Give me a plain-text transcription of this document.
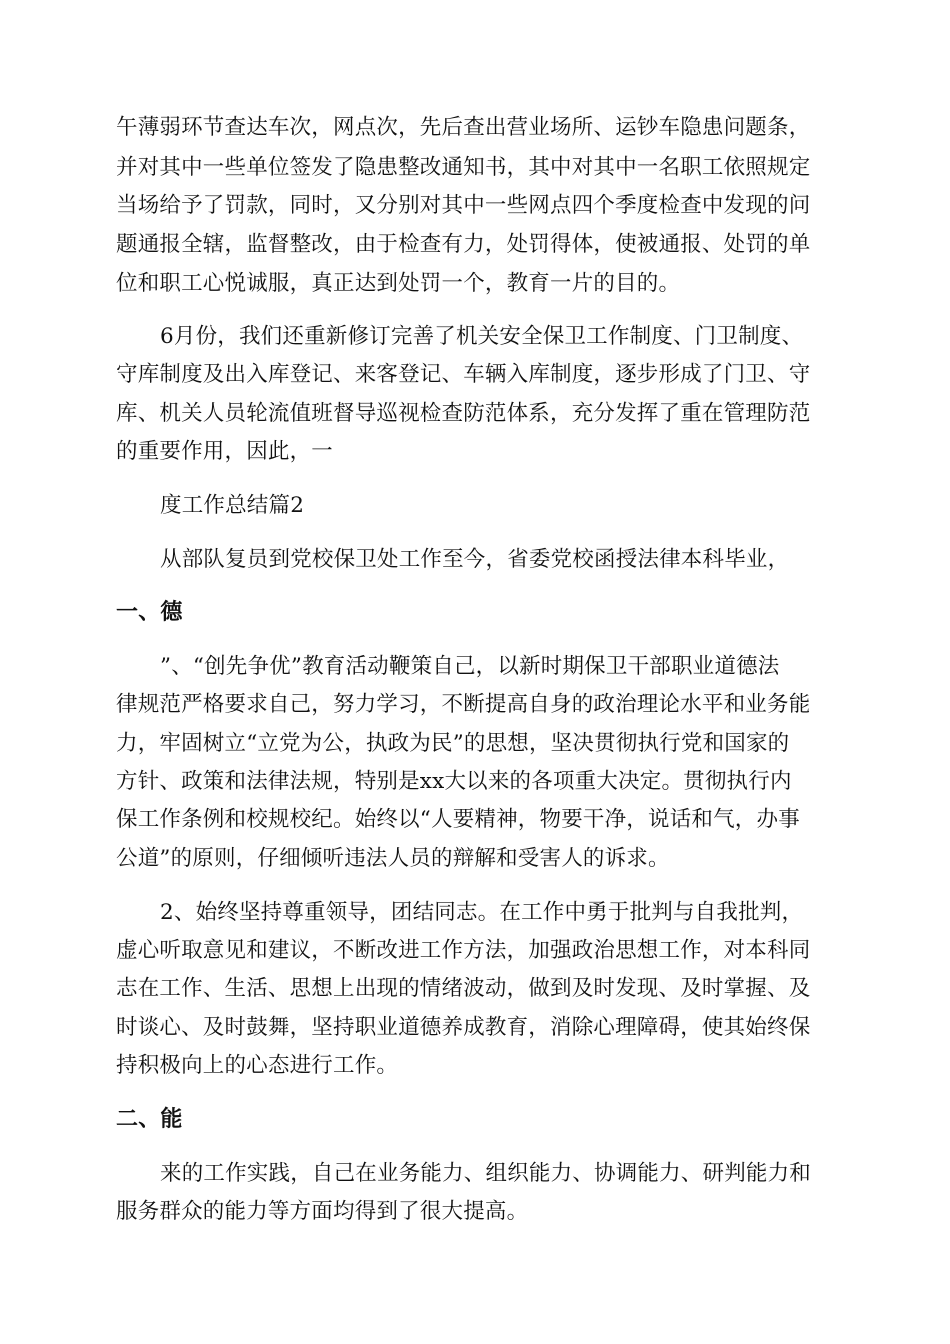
午薄弱环节查达车次，网点次，先后查出营业场所、运钞车隐患问题条，
并对其中一些单位签发了隐患整改通知书，其中对其中一名职工依照规定
当场给予了罚款，同时，又分别对其中一些网点四个季度检查中发现的问
题通报全辖，监督整改，由于检查有力，处罚得体，使被通报、处罚的单
位和职工心悦诚服，真正达到处罚一个，教育一片的目的。
6月份，我们还重新修订完善了机关安全保卫工作制度、门卫制度、
守库制度及出入库登记、来客登记、车辆入库制度，逐步形成了门卫、守
库、机关人员轮流值班督导巡视检查防范体系，充分发挥了重在管理防范
的重要作用，因此，一
度工作总结篇2
从部队复员到党校保卫处工作至今，省委党校函授法律本科毕业，
一、德
”、“创先争优”教育活动鞭策自己，以新时期保卫干部职业道德法
律规范严格要求自己，努力学习，不断提高自身的政治理论水平和业务能
力，牢固树立“立党为公，执政为民”的思想，坚决贯彻执行党和国家的
方针、政策和法律法规，特别是xx大以来的各项重大决定。贯彻执行内
保工作条例和校规校纪。始终以“人要精神，物要干净，说话和气，办事
公道”的原则，仔细倾听违法人员的辩解和受害人的诉求。
2、始终坚持尊重领导，团结同志。在工作中勇于批判与自我批判，
虚心听取意见和建议，不断改进工作方法，加强政治思想工作，对本科同
志在工作、生活、思想上出现的情绪波动，做到及时发现、及时掌握、及
时谈心、及时鼓舞，坚持职业道德养成教育，消除心理障碍，使其始终保
持积极向上的心态进行工作。
二、能
来的工作实践，自己在业务能力、组织能力、协调能力、研判能力和
服务群众的能力等方面均得到了很大提高。
